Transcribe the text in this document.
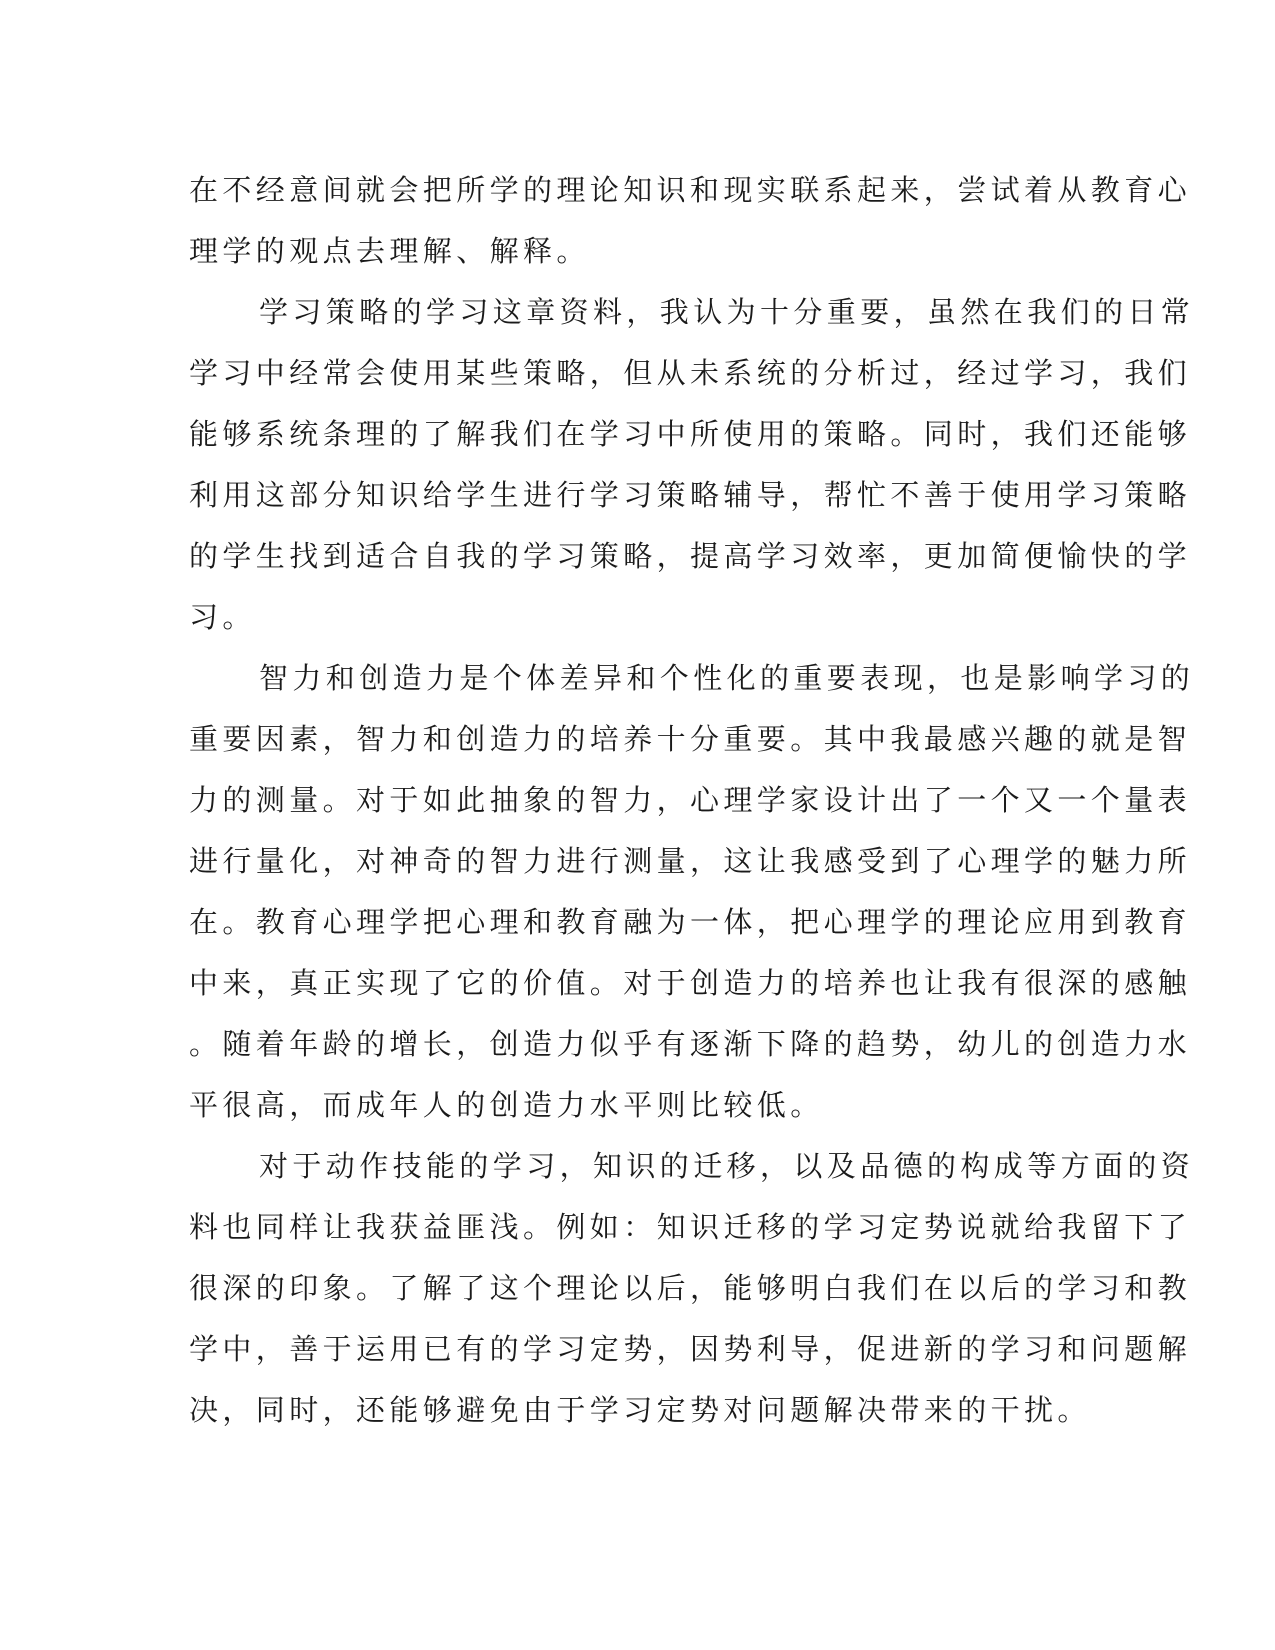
在不经意间就会把所学的理论知识和现实联系起来，尝试着从教育心
理学的观点去理解、解释。
学习策略的学习这章资料，我认为十分重要，虽然在我们的日常
学习中经常会使用某些策略，但从未系统的分析过，经过学习，我们
能够系统条理的了解我们在学习中所使用的策略。同时，我们还能够
利用这部分知识给学生进行学习策略辅导，帮忙不善于使用学习策略
的学生找到适合自我的学习策略，提高学习效率，更加简便愉快的学
习。
智力和创造力是个体差异和个性化的重要表现，也是影响学习的
重要因素，智力和创造力的培养十分重要。其中我最感兴趣的就是智
力的测量。对于如此抽象的智力，心理学家设计出了一个又一个量表
进行量化，对神奇的智力进行测量，这让我感受到了心理学的魅力所
在。教育心理学把心理和教育融为一体，把心理学的理论应用到教育
中来，真正实现了它的价值。对于创造力的培养也让我有很深的感触
。随着年龄的增长，创造力似乎有逐渐下降的趋势，幼儿的创造力水
平很高，而成年人的创造力水平则比较低。
对于动作技能的学习，知识的迁移，以及品德的构成等方面的资
料也同样让我获益匪浅。例如：知识迁移的学习定势说就给我留下了
很深的印象。了解了这个理论以后，能够明白我们在以后的学习和教
学中，善于运用已有的学习定势，因势利导，促进新的学习和问题解
决，同时，还能够避免由于学习定势对问题解决带来的干扰。
